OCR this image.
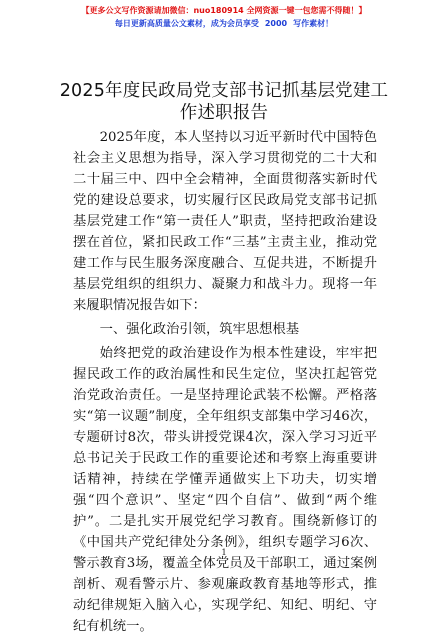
【更多公文写作资源请加微信：nuo180914 全网资源一键一包您需不得随！】
每日更新高质量公文素材，成为会员享受 2000 写作素材！
2025年度民政局党支部书记抓基层党建工作述职报告

2025年度，本人坚持以习近平新时代中国特色社会主义思想为指导，深入学习贯彻党的二十大和二十届三中、四中全会精神，全面贯彻落实新时代党的建设总要求，切实履行区民政局党支部书记抓基层党建工作“第一责任人”职责，坚持把政治建设摆在首位，紧扣民政工作“三基”主责主业，推动党建工作与民生服务深度融合、互促共进，不断提升基层党组织的组织力、凝聚力和战斗力。现将一年来履职情况报告如下：

一、强化政治引领，筑牢思想根基

始终把党的政治建设作为根本性建设，牢牢把握民政工作的政治属性和民生定位，坚决扛起管党治党政治责任。一是坚持理论武装不松懈。严格落实“第一议题”制度，全年组织支部集中学习46次，专题研讨8次，带头讲授党课4次，深入学习习近平总书记关于民政工作的重要论述和考察上海重要讲话精神，持续在学懂弄通做实上下功夫，切实增强“四个意识”、坚定“四个自信”、做到“两个维护”。二是扎实开展党纪学习教育。围绕新修订的《中国共产党纪律处分条例》，组织专题学习6次、警示教育3场，覆盖全体党员及干部职工，通过案例剖析、观看警示片、参观廉政教育基地等形式，推动纪律规矩入脑入心，实现学纪、知纪、明纪、守纪有机统一。

1
